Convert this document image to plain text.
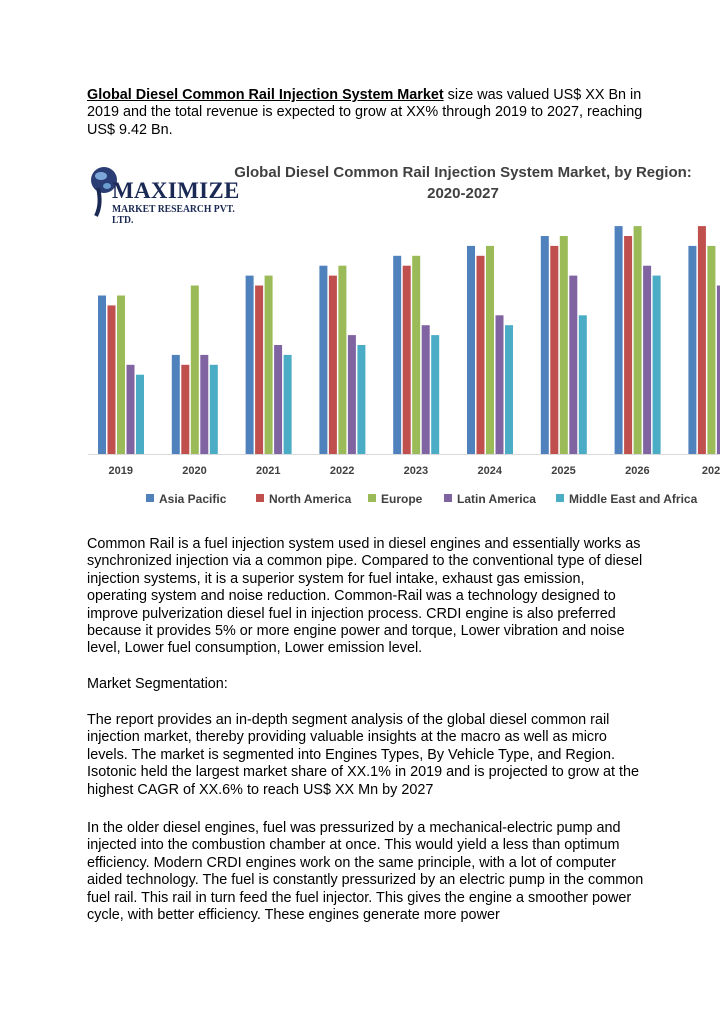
Global Diesel Common Rail Injection System Market size was valued US$ XX Bn in 2019 and the total revenue is expected to grow at XX% through 2019 to 2027, reaching US$ 9.42 Bn.

MAXIMIZE
MARKET RESEARCH PVT. LTD.
Global Diesel Common Rail Injection System Market, by Region:
2020-2027
2019	2020	2021	2022	2023	2024	2025	2026	202
Asia Pacific	North America	Europe	Latin America	Middle East and Africa

Common Rail is a fuel injection system used in diesel engines and essentially works as synchronized injection via a common pipe. Compared to the conventional type of diesel injection systems, it is a superior system for fuel intake, exhaust gas emission, operating system and noise reduction. Common-Rail was a technology designed to improve pulverization diesel fuel in injection process. CRDI engine is also preferred because it provides 5% or more engine power and torque, Lower vibration and noise level, Lower fuel consumption, Lower emission level.

Market Segmentation:

The report provides an in-depth segment analysis of the global diesel common rail injection market, thereby providing valuable insights at the macro as well as micro levels. The market is segmented into Engines Types, By Vehicle Type, and Region. Isotonic held the largest market share of XX.1% in 2019 and is projected to grow at the highest CAGR of XX.6% to reach US$ XX Mn by 2027

In the older diesel engines, fuel was pressurized by a mechanical-electric pump and injected into the combustion chamber at once. This would yield a less than optimum efficiency. Modern CRDI engines work on the same principle, with a lot of computer aided technology. The fuel is constantly pressurized by an electric pump in the common fuel rail. This rail in turn feed the fuel injector. This gives the engine a smoother power cycle, with better efficiency. These engines generate more power
